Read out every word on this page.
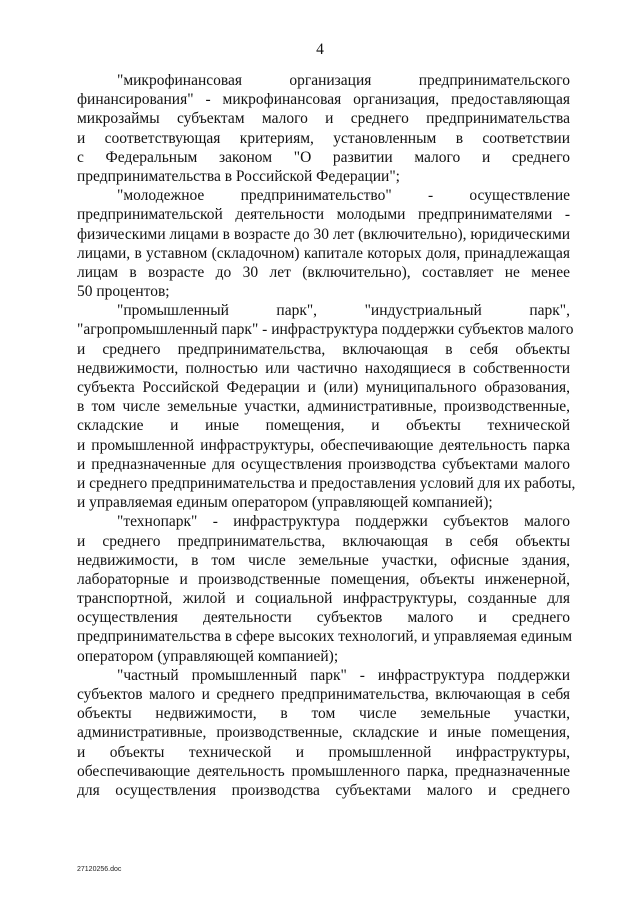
4
"микрофинансовая организация предпринимательского
финансирования" - микрофинансовая организация, предоставляющая
микрозаймы субъектам малого и среднего предпринимательства
и соответствующая критериям, установленным в соответствии
с Федеральным законом "О развитии малого и среднего
предпринимательства в Российской Федерации";
"молодежное предпринимательство" - осуществление
предпринимательской деятельности молодыми предпринимателями -
физическими лицами в возрасте до 30 лет (включительно), юридическими
лицами, в уставном (складочном) капитале которых доля, принадлежащая
лицам в возрасте до 30 лет (включительно), составляет не менее
50 процентов;
"промышленный парк", "индустриальный парк",
"агропромышленный парк" - инфраструктура поддержки субъектов малого
и среднего предпринимательства, включающая в себя объекты
недвижимости, полностью или частично находящиеся в собственности
субъекта Российской Федерации и (или) муниципального образования,
в том числе земельные участки, административные, производственные,
складские и иные помещения, и объекты технической
и промышленной инфраструктуры, обеспечивающие деятельность парка
и предназначенные для осуществления производства субъектами малого
и среднего предпринимательства и предоставления условий для их работы,
и управляемая единым оператором (управляющей компанией);
"технопарк" - инфраструктура поддержки субъектов малого
и среднего предпринимательства, включающая в себя объекты
недвижимости, в том числе земельные участки, офисные здания,
лабораторные и производственные помещения, объекты инженерной,
транспортной, жилой и социальной инфраструктуры, созданные для
осуществления деятельности субъектов малого и среднего
предпринимательства в сфере высоких технологий, и управляемая единым
оператором (управляющей компанией);
"частный промышленный парк" - инфраструктура поддержки
субъектов малого и среднего предпринимательства, включающая в себя
объекты недвижимости, в том числе земельные участки,
административные, производственные, складские и иные помещения,
и объекты технической и промышленной инфраструктуры,
обеспечивающие деятельность промышленного парка, предназначенные
для осуществления производства субъектами малого и среднего
27120256.doc
